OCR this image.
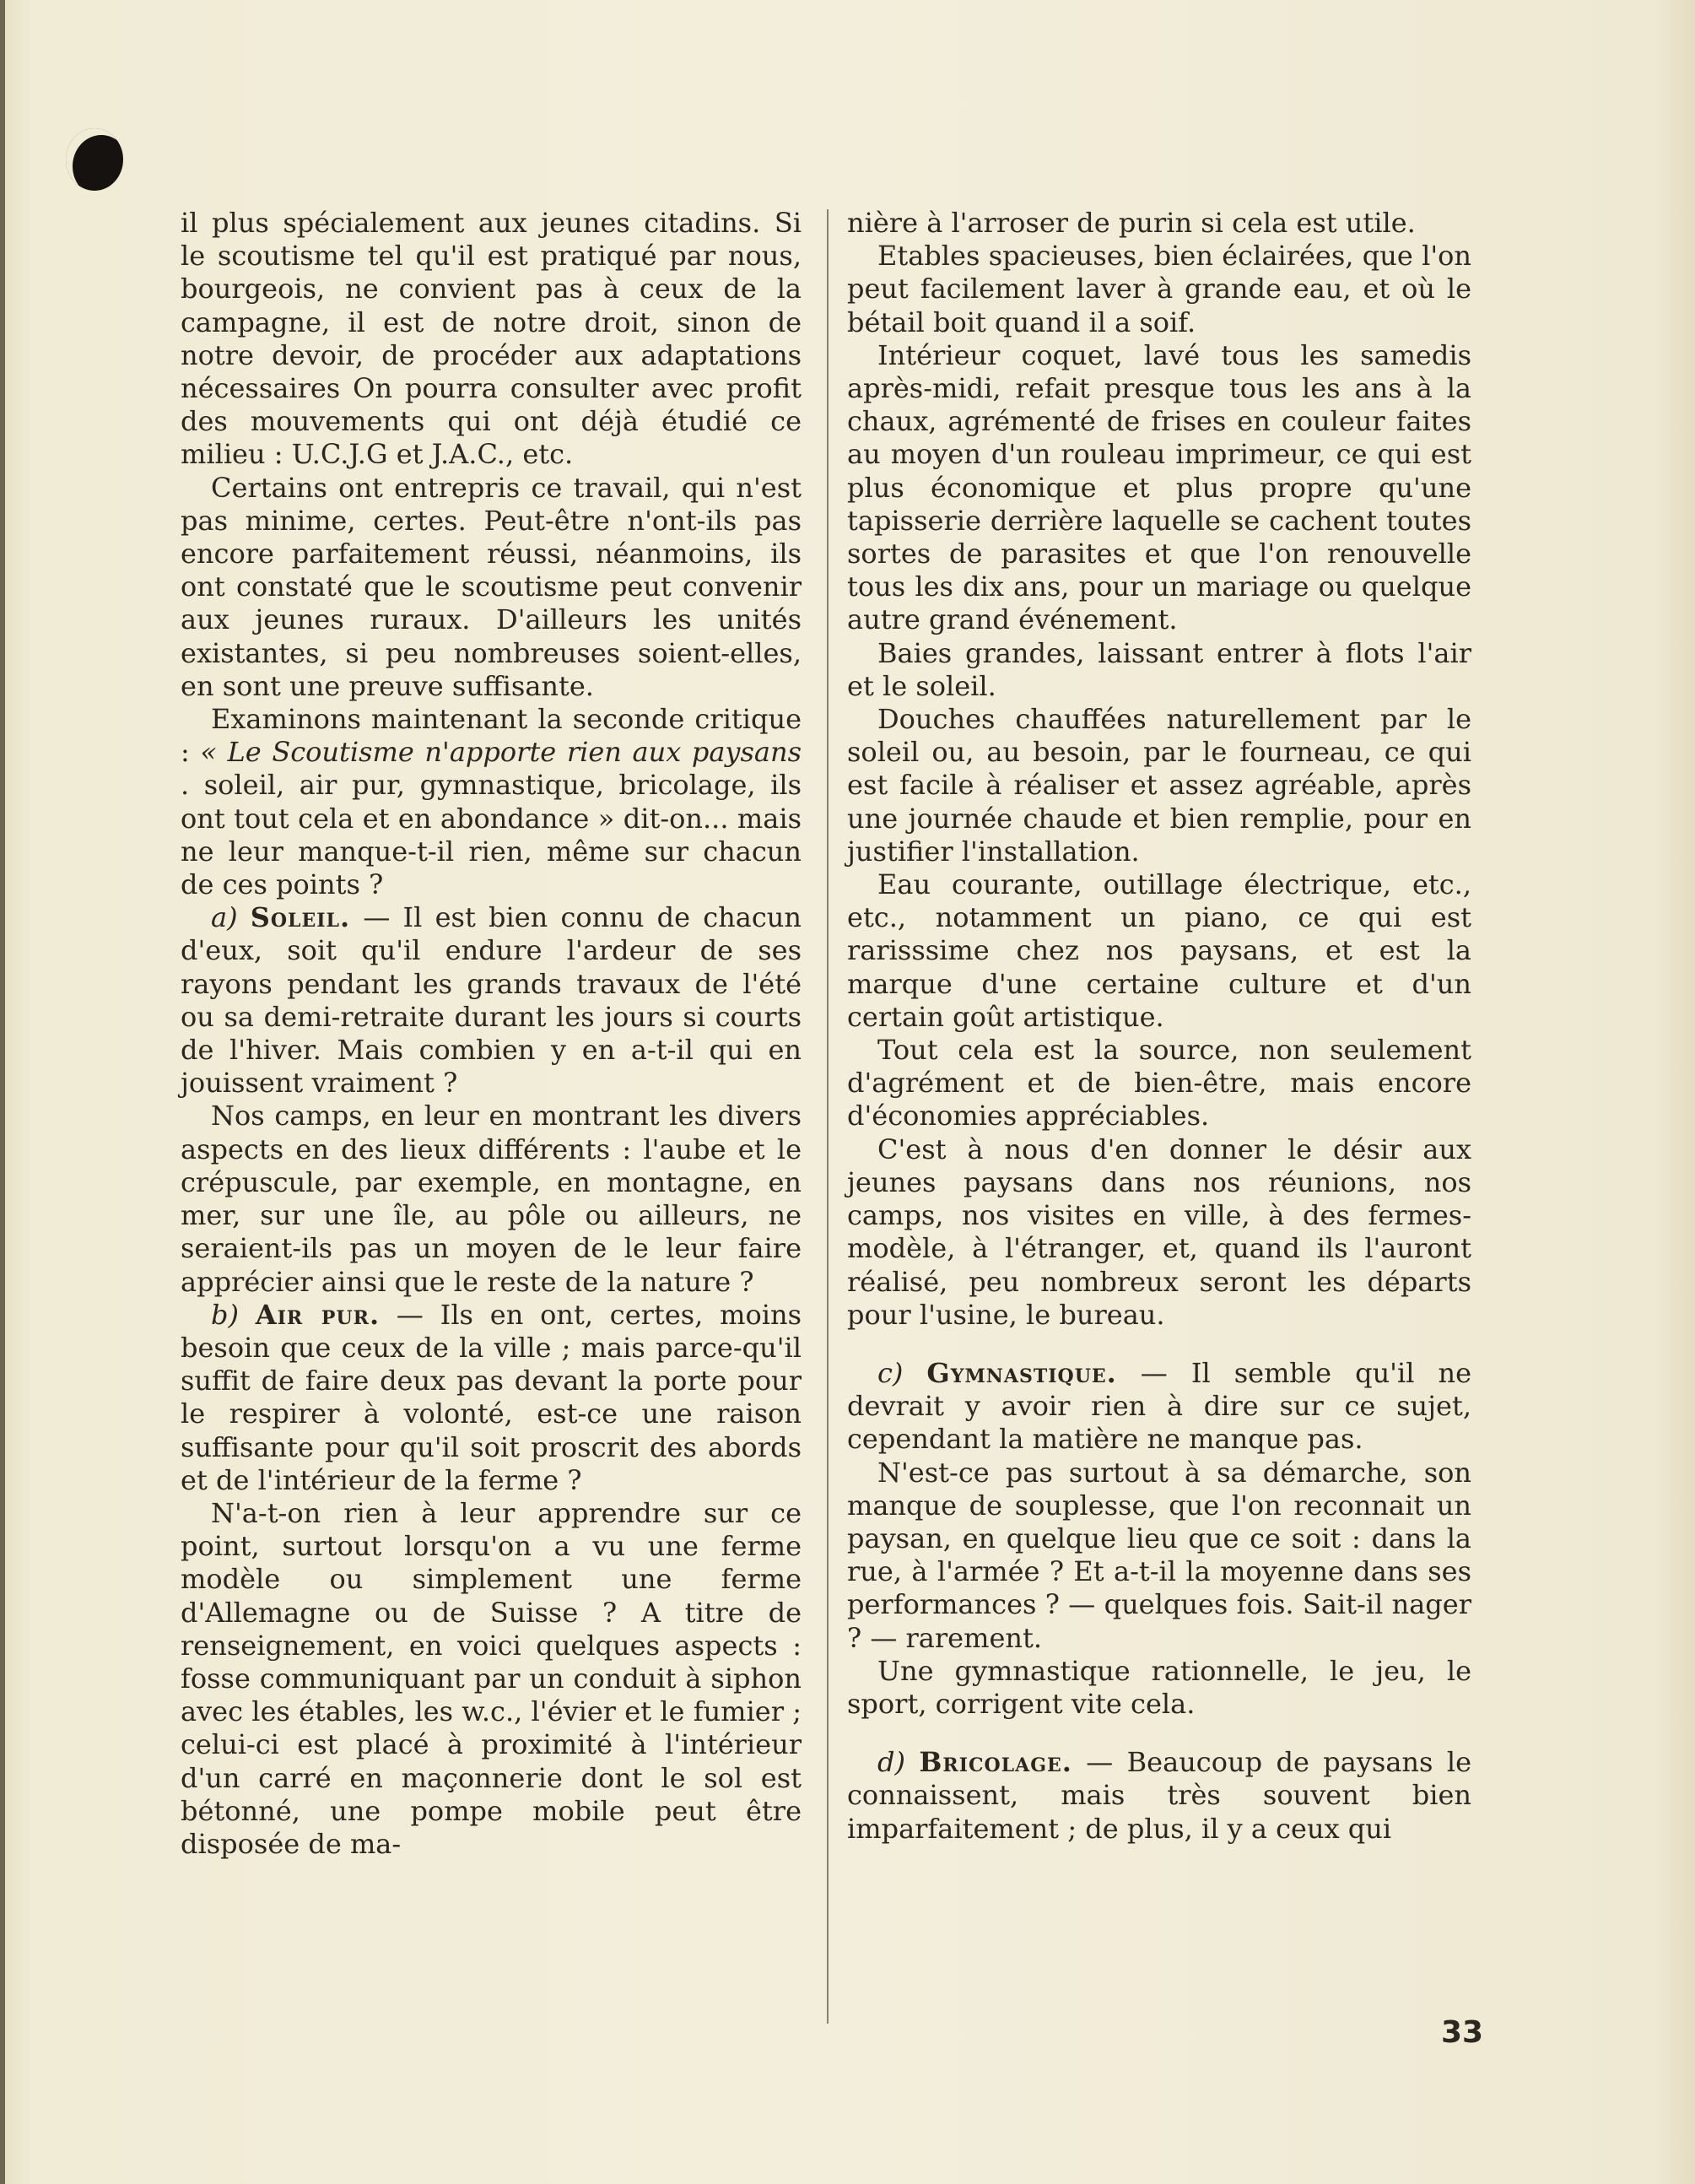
il plus spécialement aux jeunes citadins. Si le scoutisme tel qu'il est pratiqué par nous, bourgeois, ne convient pas à ceux de la campagne, il est de notre droit, sinon de notre devoir, de procéder aux adaptations nécessaires On pourra consulter avec profit des mouvements qui ont déjà étudié ce milieu : U.C.J.G et J.A.C., etc.

Certains ont entrepris ce travail, qui n'est pas minime, certes. Peut-être n'ont-ils pas encore parfaitement réussi, néanmoins, ils ont constaté que le scoutisme peut convenir aux jeunes ruraux. D'ailleurs les unités existantes, si peu nombreuses soient-elles, en sont une preuve suffisante.

Examinons maintenant la seconde critique : « Le Scoutisme n'apporte rien aux paysans . soleil, air pur, gymnastique, bricolage, ils ont tout cela et en abondance » dit-on... mais ne leur manque-t-il rien, même sur chacun de ces points ?

a) Soleil. — Il est bien connu de chacun d'eux, soit qu'il endure l'ardeur de ses rayons pendant les grands travaux de l'été ou sa demi-retraite durant les jours si courts de l'hiver. Mais combien y en a-t-il qui en jouissent vraiment ?

Nos camps, en leur en montrant les divers aspects en des lieux différents : l'aube et le crépuscule, par exemple, en montagne, en mer, sur une île, au pôle ou ailleurs, ne seraient-ils pas un moyen de le leur faire apprécier ainsi que le reste de la nature ?

b) Air pur. — Ils en ont, certes, moins besoin que ceux de la ville ; mais parce-qu'il suffit de faire deux pas devant la porte pour le respirer à volonté, est-ce une raison suffisante pour qu'il soit proscrit des abords et de l'intérieur de la ferme ?

N'a-t-on rien à leur apprendre sur ce point, surtout lorsqu'on a vu une ferme modèle ou simplement une ferme d'Allemagne ou de Suisse ? A titre de renseignement, en voici quelques aspects : fosse communiquant par un conduit à siphon avec les étables, les w.c., l'évier et le fumier ; celui-ci est placé à proximité à l'intérieur d'un carré en maçonnerie dont le sol est bétonné, une pompe mobile peut être disposée de ma-

nière à l'arroser de purin si cela est utile.

Etables spacieuses, bien éclairées, que l'on peut facilement laver à grande eau, et où le bétail boit quand il a soif.

Intérieur coquet, lavé tous les samedis après-midi, refait presque tous les ans à la chaux, agrémenté de frises en couleur faites au moyen d'un rouleau imprimeur, ce qui est plus économique et plus propre qu'une tapisserie derrière laquelle se cachent toutes sortes de parasites et que l'on renouvelle tous les dix ans, pour un mariage ou quelque autre grand événement.

Baies grandes, laissant entrer à flots l'air et le soleil.

Douches chauffées naturellement par le soleil ou, au besoin, par le fourneau, ce qui est facile à réaliser et assez agréable, après une journée chaude et bien remplie, pour en justifier l'installation.

Eau courante, outillage électrique, etc., etc., notamment un piano, ce qui est rarisssime chez nos paysans, et est la marque d'une certaine culture et d'un certain goût artistique.

Tout cela est la source, non seulement d'agrément et de bien-être, mais encore d'économies appréciables.

C'est à nous d'en donner le désir aux jeunes paysans dans nos réunions, nos camps, nos visites en ville, à des fermes-modèle, à l'étranger, et, quand ils l'auront réalisé, peu nombreux seront les départs pour l'usine, le bureau.

c) Gymnastique. — Il semble qu'il ne devrait y avoir rien à dire sur ce sujet, cependant la matière ne manque pas.

N'est-ce pas surtout à sa démarche, son manque de souplesse, que l'on reconnait un paysan, en quelque lieu que ce soit : dans la rue, à l'armée ? Et a-t-il la moyenne dans ses performances ? — quelques fois. Sait-il nager ? — rarement.

Une gymnastique rationnelle, le jeu, le sport, corrigent vite cela.

d) Bricolage. — Beaucoup de paysans le connaissent, mais très souvent bien imparfaitement ; de plus, il y a ceux qui

33
